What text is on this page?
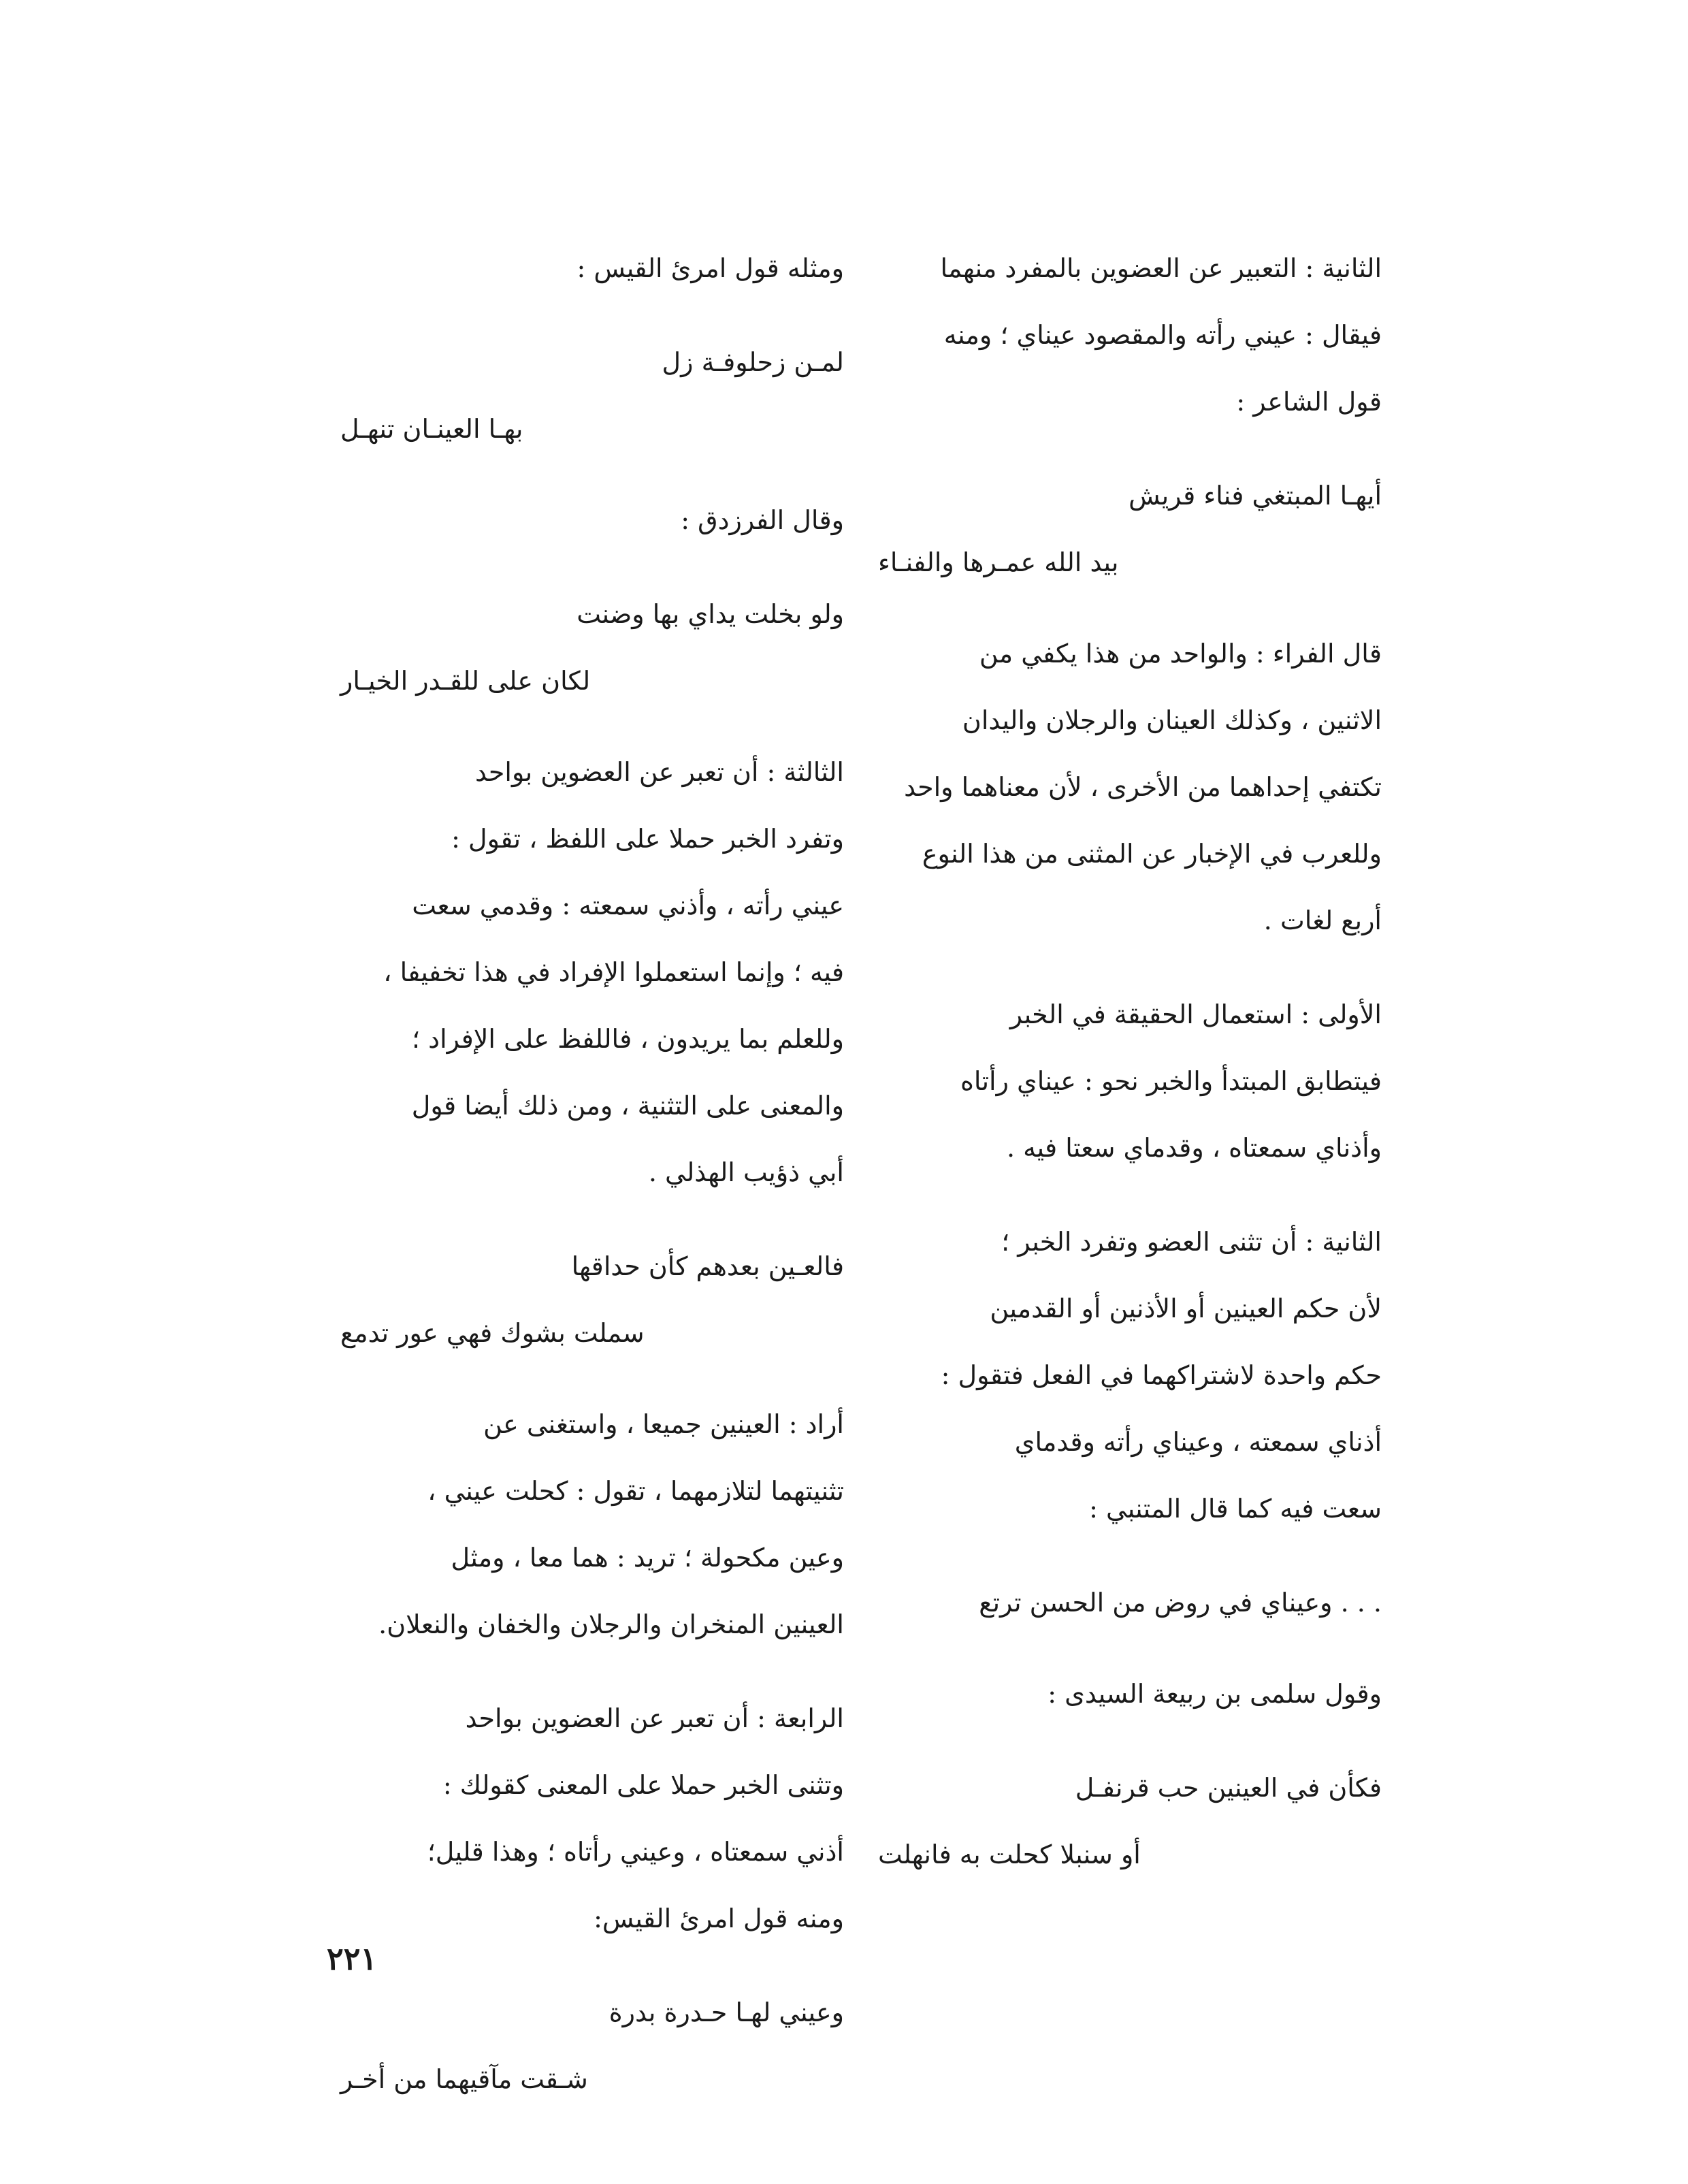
الثانية : التعبير عن العضوين بالمفرد منهما
فيقال : عيني رأته والمقصود عيناي ؛ ومنه
قول الشاعر :
أيهـا المبتغي فناء قريش
بيد الله عمـرها والفنـاء
قال الفراء : والواحد من هذا يكفي من
الاثنين ، وكذلك العينان والرجلان واليدان
تكتفي إحداهما من الأخرى ، لأن معناهما واحد
وللعرب في الإخبار عن المثنى من هذا النوع
أربع لغات .
الأولى : استعمال الحقيقة في الخبر
فيتطابق المبتدأ والخبر نحو : عيناي رأتاه
وأذناي سمعتاه ، وقدماي سعتا فيه .
الثانية : أن تثنى العضو وتفرد الخبر ؛
لأن حكم العينين أو الأذنين أو القدمين
حكم واحدة لاشتراكهما في الفعل فتقول :
أذناي سمعته ، وعيناي رأته وقدماي
سعت فيه كما قال المتنبي :
. . . وعيناي في روض من الحسن ترتع
وقول سلمى بن ربيعة السيدى :
فكأن في العينين حب قرنفـل
أو سنبلا كحلت به فانهلت
ومثله قول امرئ القيس :
لمـن زحلوفـة زل
بهـا العينـان تنهـل
وقال الفرزدق :
ولو بخلت يداي بها وضنت
لكان على للقـدر الخيـار
الثالثة : أن تعبر عن العضوين بواحد
وتفرد الخبر حملا على اللفظ ، تقول :
عيني رأته ، وأذني سمعته : وقدمي سعت
فيه ؛ وإنما استعملوا الإفراد في هذا تخفيفا ،
وللعلم بما يريدون ، فاللفظ على الإفراد ؛
والمعنى على التثنية ، ومن ذلك أيضا قول
أبي ذؤيب الهذلي .
فالعـين بعدهم كأن حداقها
سملت بشوك فهي عور تدمع
أراد : العينين جميعا ، واستغنى عن
تثنيتهما لتلازمهما ، تقول : كحلت عيني ،
وعين مكحولة ؛ تريد : هما معا ، ومثل
العينين المنخران والرجلان والخفان والنعلان.
الرابعة : أن تعبر عن العضوين بواحد
وتثنى الخبر حملا على المعنى كقولك :
أذني سمعتاه ، وعيني رأتاه ؛ وهذا قليل؛
ومنه قول امرئ القيس:
وعيني لهـا حـدرة بدرة
شـقت مآقيهما من أخـر
٢٢١
